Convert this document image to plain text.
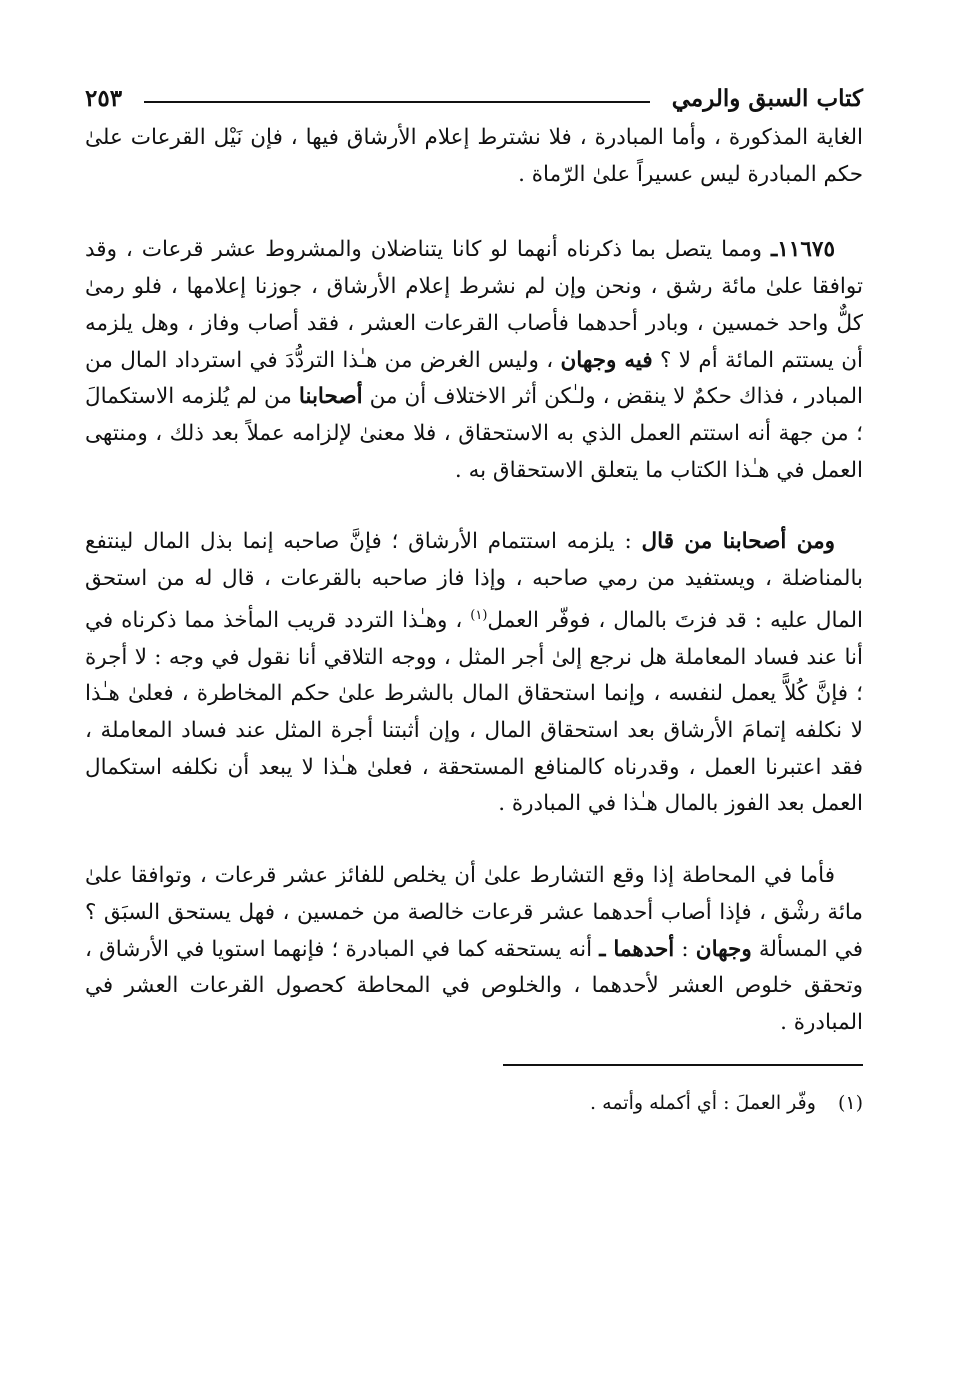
كتاب السبق والرمي
٢٥٣

الغاية المذكورة ، وأما المبادرة ، فلا نشترط إعلام الأرشاق فيها ، فإن نَيْل القرعات علىٰ حكم المبادرة ليس عسيراً علىٰ الرّماة .

١١٦٧٥ـ ومما يتصل بما ذكرناه أنهما لو كانا يتناضلان والمشروط عشر قرعات ، وقد توافقا علىٰ مائة رشق ، ونحن وإن لم نشرط إعلام الأرشاق ، جوزنا إعلامها ، فلو رمىٰ كلٌّ واحد خمسين ، وبادر أحدهما فأصاب القرعات العشر ، فقد أصاب وفاز ، وهل يلزمه أن يستتم المائة أم لا ؟ فيه وجهان ، وليس الغرض من هـٰذا التردُّدَ في استرداد المال من المبادر ، فذاك حكمٌ لا ينقض ، ولـٰكن أثر الاختلاف أن من أصحابنا من لم يُلزمه الاستكمالَ ؛ من جهة أنه استتم العمل الذي به الاستحقاق ، فلا معنىٰ لإلزامه عملاً بعد ذلك ، ومنتهى العمل في هـٰذا الكتاب ما يتعلق الاستحقاق به .

ومن أصحابنا من قال : يلزمه استتمام الأرشاق ؛ فإنَّ صاحبه إنما بذل المال لينتفع بالمناضلة ، ويستفيد من رمي صاحبه ، وإذا فاز صاحبه بالقرعات ، قال له من استحق المال عليه : قد فزتَ بالمال ، فوفّر العمل$^{(١)}$ ، وهـٰذا التردد قريب المأخذ مما ذكرناه في أنا عند فساد المعاملة هل نرجع إلىٰ أجر المثل ، ووجه التلاقي أنا نقول في وجه : لا أجرة ؛ فإنَّ كُلاًّ يعمل لنفسه ، وإنما استحقاق المال بالشرط علىٰ حكم المخاطرة ، فعلىٰ هـٰذا لا نكلفه إتمامَ الأرشاق بعد استحقاق المال ، وإن أثبتنا أجرة المثل عند فساد المعاملة ، فقد اعتبرنا العمل ، وقدرناه كالمنافع المستحقة ، فعلىٰ هـٰذا لا يبعد أن نكلفه استكمال العمل بعد الفوز بالمال هـٰذا في المبادرة .

فأما في المحاطة إذا وقع التشارط علىٰ أن يخلص للفائز عشر قرعات ، وتوافقا علىٰ مائة رشْق ، فإذا أصاب أحدهما عشر قرعات خالصة من خمسين ، فهل يستحق السبَق ؟ في المسألة وجهان : أحدهما ـ أنه يستحقه كما في المبادرة ؛ فإنهما استويا في الأرشاق ، وتحقق خلوص العشر لأحدهما ، والخلوص في المحاطة كحصول القرعات العشر في المبادرة .

(١)
وفّر العملَ : أي أكمله وأتمه .
